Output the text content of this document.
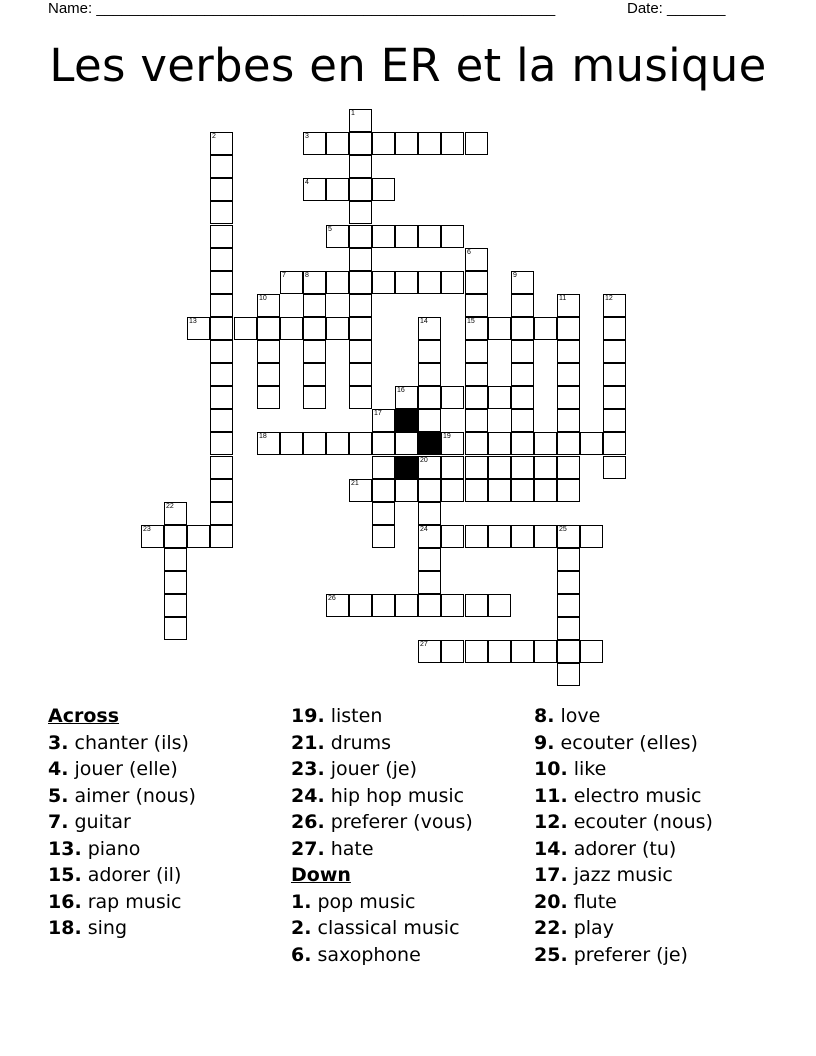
Name: _______________________________________________________	Date: _______
Les verbes en ER et la musique
1
2	3
4
5
6
15
7	8	9
10	11	12
13	14
16
17
18	19
20
21
22
23	24	25
26
27
Across
3. chanter (ils)
4. jouer (elle)
5. aimer (nous)
7. guitar
13. piano
15. adorer (il)
16. rap music
18. sing
19. listen
21. drums
23. jouer (je)
24. hip hop music
26. preferer (vous)
27. hate
Down
1. pop music
2. classical music
6. saxophone
8. love
9. ecouter (elles)
10. like
11. electro music
12. ecouter (nous)
14. adorer (tu)
17. jazz music
20. flute
22. play
25. preferer (je)
